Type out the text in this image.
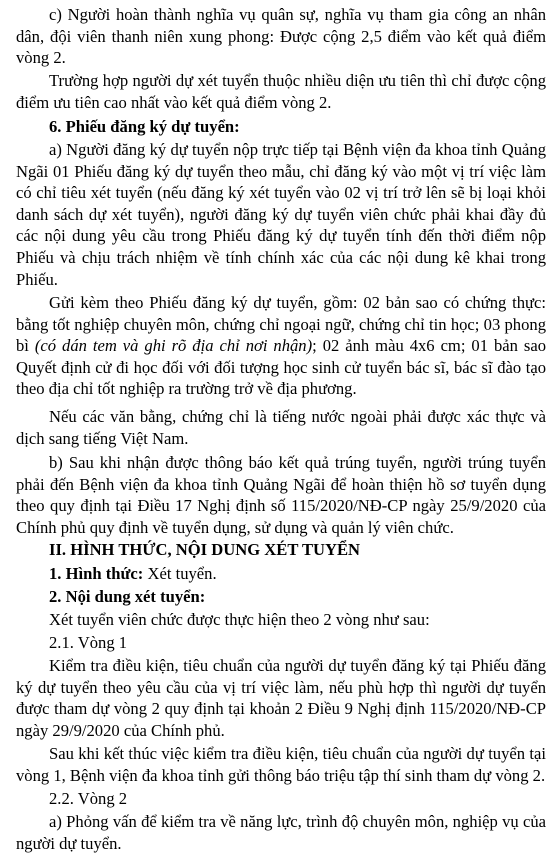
c) Người hoàn thành nghĩa vụ quân sự, nghĩa vụ tham gia công an nhân dân, đội viên thanh niên xung phong: Được cộng 2,5 điểm vào kết quả điểm vòng 2.

Trường hợp người dự xét tuyển thuộc nhiều diện ưu tiên thì chỉ được cộng điểm ưu tiên cao nhất vào kết quả điểm vòng 2.

6. Phiếu đăng ký dự tuyển:

a) Người đăng ký dự tuyển nộp trực tiếp tại Bệnh viện đa khoa tỉnh Quảng Ngãi 01 Phiếu đăng ký dự tuyển theo mẫu, chỉ đăng ký vào một vị trí việc làm có chỉ tiêu xét tuyển (nếu đăng ký xét tuyển vào 02 vị trí trở lên sẽ bị loại khỏi danh sách dự xét tuyển), người đăng ký dự tuyển viên chức phải khai đầy đủ các nội dung yêu cầu trong Phiếu đăng ký dự tuyển tính đến thời điểm nộp Phiếu và chịu trách nhiệm về tính chính xác của các nội dung kê khai trong Phiếu.

Gửi kèm theo Phiếu đăng ký dự tuyển, gồm: 02 bản sao có chứng thực: bằng tốt nghiệp chuyên môn, chứng chỉ ngoại ngữ, chứng chỉ tin học; 03 phong bì (có dán tem và ghi rõ địa chỉ nơi nhận); 02 ảnh màu 4x6 cm; 01 bản sao Quyết định cử đi học đối với đối tượng học sinh cử tuyển bác sĩ, bác sĩ đào tạo theo địa chỉ tốt nghiệp ra trường trở về địa phương.

Nếu các văn bằng, chứng chỉ là tiếng nước ngoài phải được xác thực và dịch sang tiếng Việt Nam.

b) Sau khi nhận được thông báo kết quả trúng tuyển, người trúng tuyển phải đến Bệnh viện đa khoa tỉnh Quảng Ngãi để hoàn thiện hồ sơ tuyển dụng theo quy định tại Điều 17 Nghị định số 115/2020/NĐ-CP ngày 25/9/2020 của Chính phủ quy định về tuyển dụng, sử dụng và quản lý viên chức.

II. HÌNH THỨC, NỘI DUNG XÉT TUYỂN

1. Hình thức: Xét tuyển.

2. Nội dung xét tuyển:

Xét tuyển viên chức được thực hiện theo 2 vòng như sau:

2.1. Vòng 1

Kiểm tra điều kiện, tiêu chuẩn của người dự tuyển đăng ký tại Phiếu đăng ký dự tuyển theo yêu cầu của vị trí việc làm, nếu phù hợp thì người dự tuyển được tham dự vòng 2 quy định tại khoản 2 Điều 9 Nghị định 115/2020/NĐ-CP ngày 29/9/2020 của Chính phủ.

Sau khi kết thúc việc kiểm tra điều kiện, tiêu chuẩn của người dự tuyển tại vòng 1, Bệnh viện đa khoa tỉnh gửi thông báo triệu tập thí sinh tham dự vòng 2.

2.2. Vòng 2

a) Phỏng vấn để kiểm tra về năng lực, trình độ chuyên môn, nghiệp vụ của người dự tuyển.
